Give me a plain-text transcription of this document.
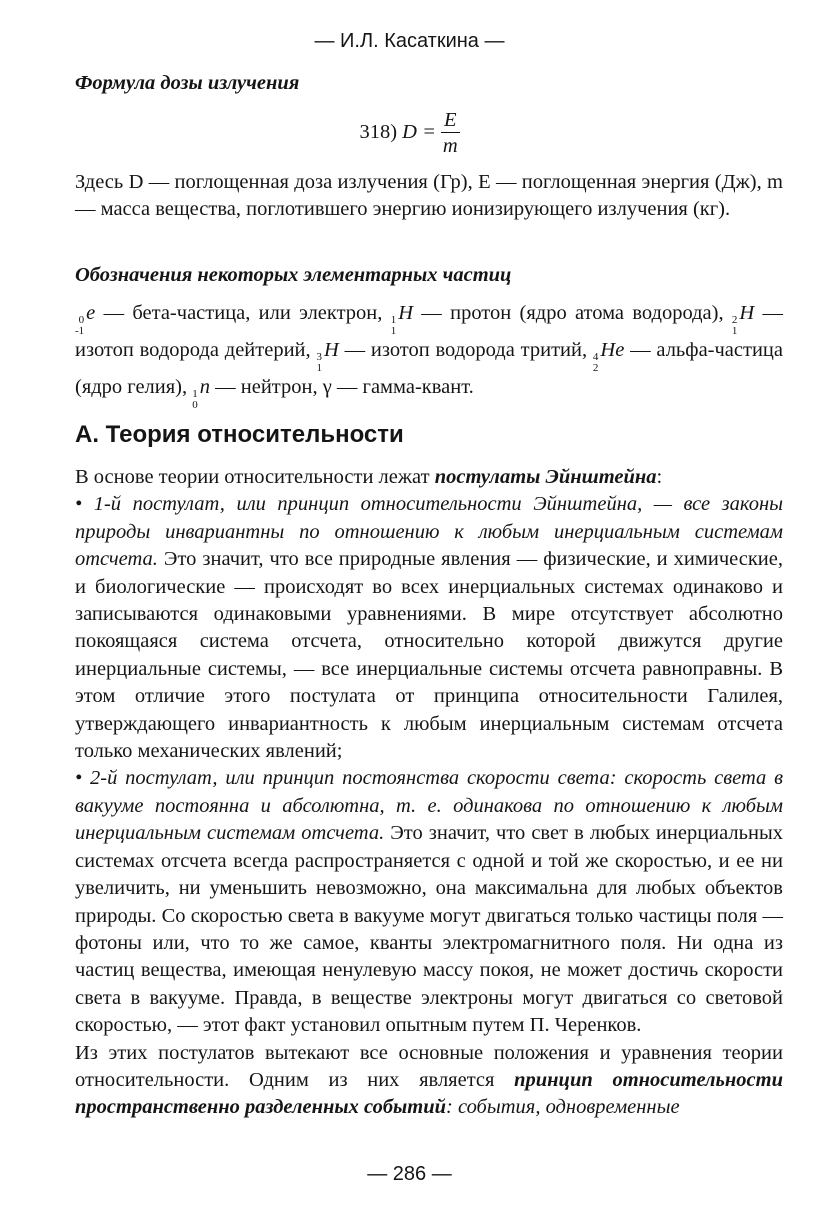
— И.Л. Касаткина —
Формула дозы излучения
318) $D = \frac{E}{m}$

Здесь D — поглощенная доза излучения (Гр), E — поглощенная энергия (Дж), m — масса вещества, поглотившего энергию ионизирующего излучения (кг).

Обозначения некоторых элементарных частиц

0
-1
e — бета-частица, или электрон, 1
1
H — протон (ядро атома водорода), 2
1
H — изотоп водорода дейтерий, 3
1
H — изотоп водорода тритий, 4
2
He — альфа-частица (ядро гелия), 1
0
n — нейтрон, γ — гамма-квант.

А. Теория относительности

В основе теории относительности лежат постулаты Эйнштейна:

• 1-й постулат, или принцип относительности Эйнштейна, — все законы природы инвариантны по отношению к любым инерциальным системам отсчета. Это значит, что все природные явления — физические, и химические, и биологические — происходят во всех инерциальных системах одинаково и записываются одинаковыми уравнениями. В мире отсутствует абсолютно покоящаяся система отсчета, относительно которой движутся другие инерциальные системы, — все инерциальные системы отсчета равноправны. В этом отличие этого постулата от принципа относительности Галилея, утверждающего инвариантность к любым инерциальным системам отсчета только механических явлений;

• 2-й постулат, или принцип постоянства скорости света: скорость света в вакууме постоянна и абсолютна, т. е. одинакова по отношению к любым инерциальным системам отсчета. Это значит, что свет в любых инерциальных системах отсчета всегда распространяется с одной и той же скоростью, и ее ни увеличить, ни уменьшить невозможно, она максимальна для любых объектов природы. Со скоростью света в вакууме могут двигаться только частицы поля — фотоны или, что то же самое, кванты электромагнитного поля. Ни одна из частиц вещества, имеющая ненулевую массу покоя, не может достичь скорости света в вакууме. Правда, в веществе электроны могут двигаться со световой скоростью, — этот факт установил опытным путем П. Черенков.

Из этих постулатов вытекают все основные положения и уравнения теории относительности. Одним из них является принцип относительности пространственно разделенных событий: события, одновременные

— 286 —
